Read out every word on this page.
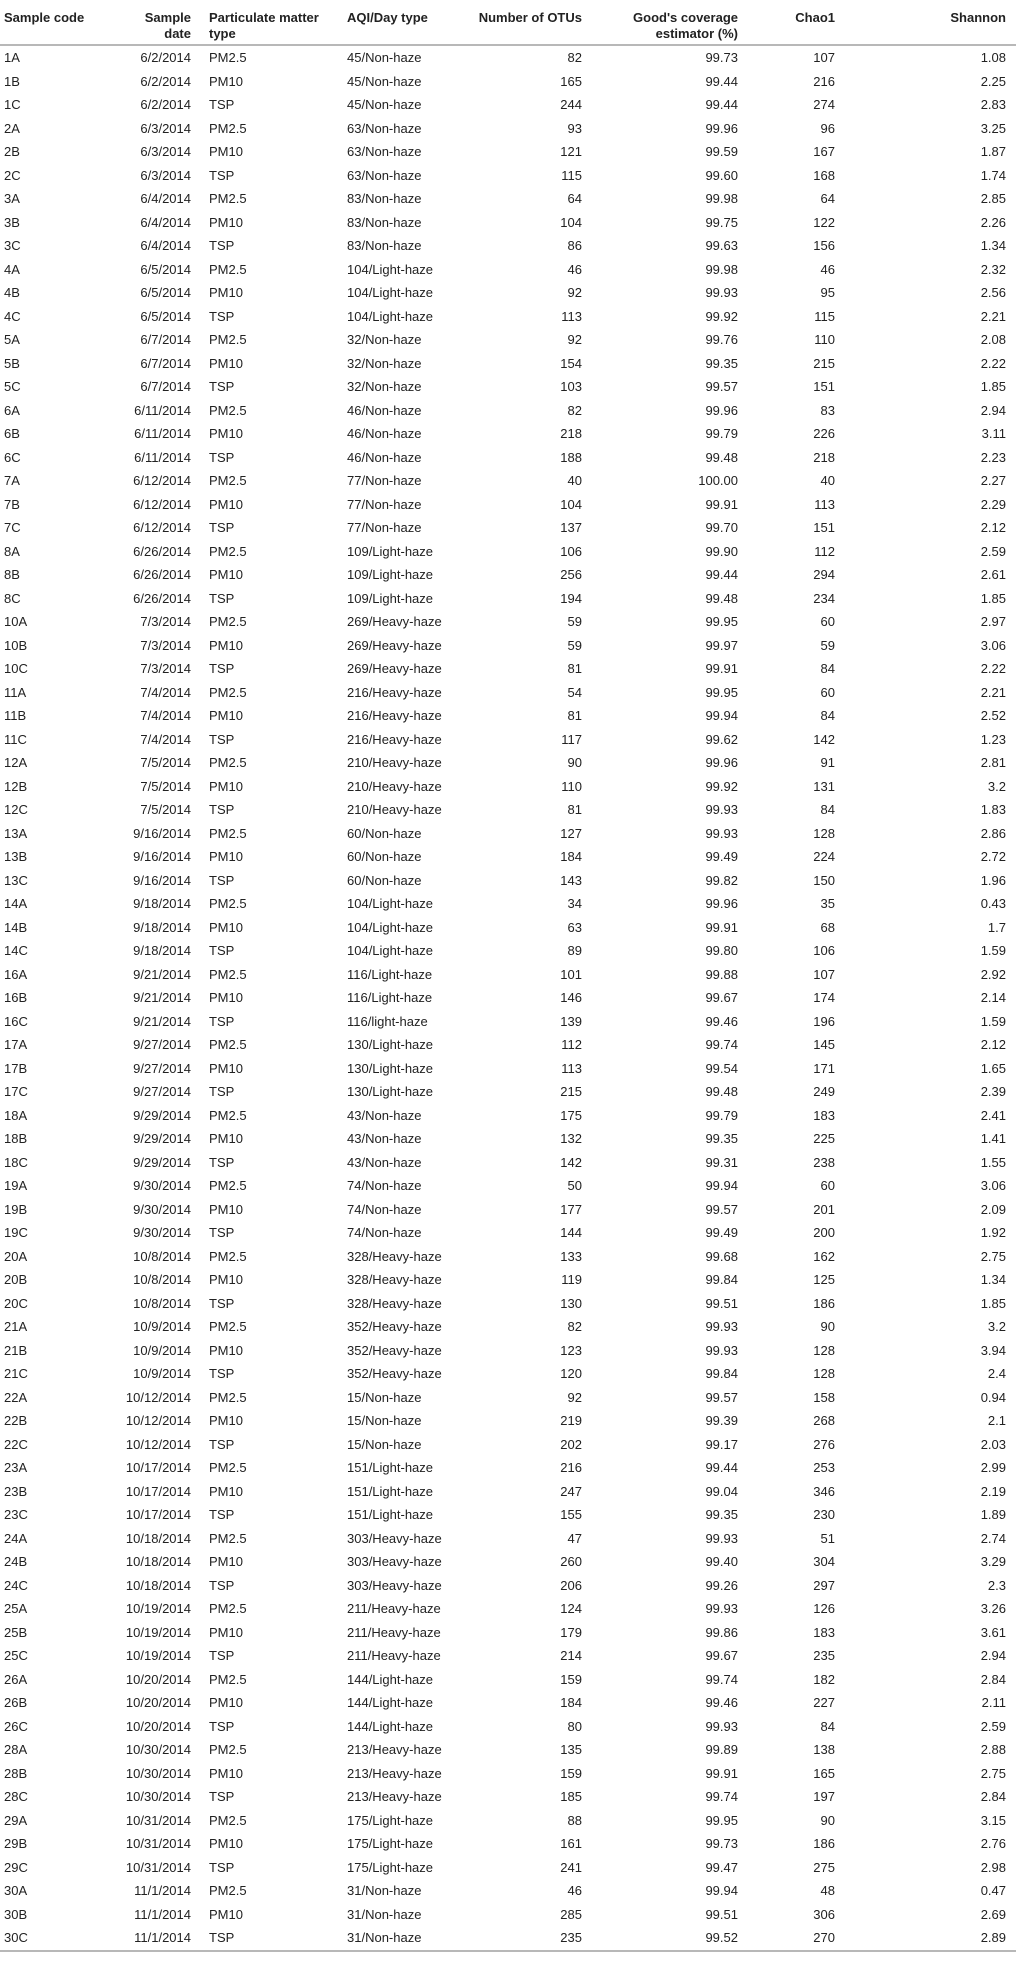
Sample code	Sample date	Particulate matter type	AQI/Day type	Number of OTUs	Good's coverage estimator (%)	Chao1	Shannon
1A	6/2/2014	PM2.5	45/Non-haze	82	99.73	107	1.08
1B	6/2/2014	PM10	45/Non-haze	165	99.44	216	2.25
1C	6/2/2014	TSP	45/Non-haze	244	99.44	274	2.83
2A	6/3/2014	PM2.5	63/Non-haze	93	99.96	96	3.25
2B	6/3/2014	PM10	63/Non-haze	121	99.59	167	1.87
2C	6/3/2014	TSP	63/Non-haze	115	99.60	168	1.74
3A	6/4/2014	PM2.5	83/Non-haze	64	99.98	64	2.85
3B	6/4/2014	PM10	83/Non-haze	104	99.75	122	2.26
3C	6/4/2014	TSP	83/Non-haze	86	99.63	156	1.34
4A	6/5/2014	PM2.5	104/Light-haze	46	99.98	46	2.32
4B	6/5/2014	PM10	104/Light-haze	92	99.93	95	2.56
4C	6/5/2014	TSP	104/Light-haze	113	99.92	115	2.21
5A	6/7/2014	PM2.5	32/Non-haze	92	99.76	110	2.08
5B	6/7/2014	PM10	32/Non-haze	154	99.35	215	2.22
5C	6/7/2014	TSP	32/Non-haze	103	99.57	151	1.85
6A	6/11/2014	PM2.5	46/Non-haze	82	99.96	83	2.94
6B	6/11/2014	PM10	46/Non-haze	218	99.79	226	3.11
6C	6/11/2014	TSP	46/Non-haze	188	99.48	218	2.23
7A	6/12/2014	PM2.5	77/Non-haze	40	100.00	40	2.27
7B	6/12/2014	PM10	77/Non-haze	104	99.91	113	2.29
7C	6/12/2014	TSP	77/Non-haze	137	99.70	151	2.12
8A	6/26/2014	PM2.5	109/Light-haze	106	99.90	112	2.59
8B	6/26/2014	PM10	109/Light-haze	256	99.44	294	2.61
8C	6/26/2014	TSP	109/Light-haze	194	99.48	234	1.85
10A	7/3/2014	PM2.5	269/Heavy-haze	59	99.95	60	2.97
10B	7/3/2014	PM10	269/Heavy-haze	59	99.97	59	3.06
10C	7/3/2014	TSP	269/Heavy-haze	81	99.91	84	2.22
11A	7/4/2014	PM2.5	216/Heavy-haze	54	99.95	60	2.21
11B	7/4/2014	PM10	216/Heavy-haze	81	99.94	84	2.52
11C	7/4/2014	TSP	216/Heavy-haze	117	99.62	142	1.23
12A	7/5/2014	PM2.5	210/Heavy-haze	90	99.96	91	2.81
12B	7/5/2014	PM10	210/Heavy-haze	110	99.92	131	3.2
12C	7/5/2014	TSP	210/Heavy-haze	81	99.93	84	1.83
13A	9/16/2014	PM2.5	60/Non-haze	127	99.93	128	2.86
13B	9/16/2014	PM10	60/Non-haze	184	99.49	224	2.72
13C	9/16/2014	TSP	60/Non-haze	143	99.82	150	1.96
14A	9/18/2014	PM2.5	104/Light-haze	34	99.96	35	0.43
14B	9/18/2014	PM10	104/Light-haze	63	99.91	68	1.7
14C	9/18/2014	TSP	104/Light-haze	89	99.80	106	1.59
16A	9/21/2014	PM2.5	116/Light-haze	101	99.88	107	2.92
16B	9/21/2014	PM10	116/Light-haze	146	99.67	174	2.14
16C	9/21/2014	TSP	116/light-haze	139	99.46	196	1.59
17A	9/27/2014	PM2.5	130/Light-haze	112	99.74	145	2.12
17B	9/27/2014	PM10	130/Light-haze	113	99.54	171	1.65
17C	9/27/2014	TSP	130/Light-haze	215	99.48	249	2.39
18A	9/29/2014	PM2.5	43/Non-haze	175	99.79	183	2.41
18B	9/29/2014	PM10	43/Non-haze	132	99.35	225	1.41
18C	9/29/2014	TSP	43/Non-haze	142	99.31	238	1.55
19A	9/30/2014	PM2.5	74/Non-haze	50	99.94	60	3.06
19B	9/30/2014	PM10	74/Non-haze	177	99.57	201	2.09
19C	9/30/2014	TSP	74/Non-haze	144	99.49	200	1.92
20A	10/8/2014	PM2.5	328/Heavy-haze	133	99.68	162	2.75
20B	10/8/2014	PM10	328/Heavy-haze	119	99.84	125	1.34
20C	10/8/2014	TSP	328/Heavy-haze	130	99.51	186	1.85
21A	10/9/2014	PM2.5	352/Heavy-haze	82	99.93	90	3.2
21B	10/9/2014	PM10	352/Heavy-haze	123	99.93	128	3.94
21C	10/9/2014	TSP	352/Heavy-haze	120	99.84	128	2.4
22A	10/12/2014	PM2.5	15/Non-haze	92	99.57	158	0.94
22B	10/12/2014	PM10	15/Non-haze	219	99.39	268	2.1
22C	10/12/2014	TSP	15/Non-haze	202	99.17	276	2.03
23A	10/17/2014	PM2.5	151/Light-haze	216	99.44	253	2.99
23B	10/17/2014	PM10	151/Light-haze	247	99.04	346	2.19
23C	10/17/2014	TSP	151/Light-haze	155	99.35	230	1.89
24A	10/18/2014	PM2.5	303/Heavy-haze	47	99.93	51	2.74
24B	10/18/2014	PM10	303/Heavy-haze	260	99.40	304	3.29
24C	10/18/2014	TSP	303/Heavy-haze	206	99.26	297	2.3
25A	10/19/2014	PM2.5	211/Heavy-haze	124	99.93	126	3.26
25B	10/19/2014	PM10	211/Heavy-haze	179	99.86	183	3.61
25C	10/19/2014	TSP	211/Heavy-haze	214	99.67	235	2.94
26A	10/20/2014	PM2.5	144/Light-haze	159	99.74	182	2.84
26B	10/20/2014	PM10	144/Light-haze	184	99.46	227	2.11
26C	10/20/2014	TSP	144/Light-haze	80	99.93	84	2.59
28A	10/30/2014	PM2.5	213/Heavy-haze	135	99.89	138	2.88
28B	10/30/2014	PM10	213/Heavy-haze	159	99.91	165	2.75
28C	10/30/2014	TSP	213/Heavy-haze	185	99.74	197	2.84
29A	10/31/2014	PM2.5	175/Light-haze	88	99.95	90	3.15
29B	10/31/2014	PM10	175/Light-haze	161	99.73	186	2.76
29C	10/31/2014	TSP	175/Light-haze	241	99.47	275	2.98
30A	11/1/2014	PM2.5	31/Non-haze	46	99.94	48	0.47
30B	11/1/2014	PM10	31/Non-haze	285	99.51	306	2.69
30C	11/1/2014	TSP	31/Non-haze	235	99.52	270	2.89
